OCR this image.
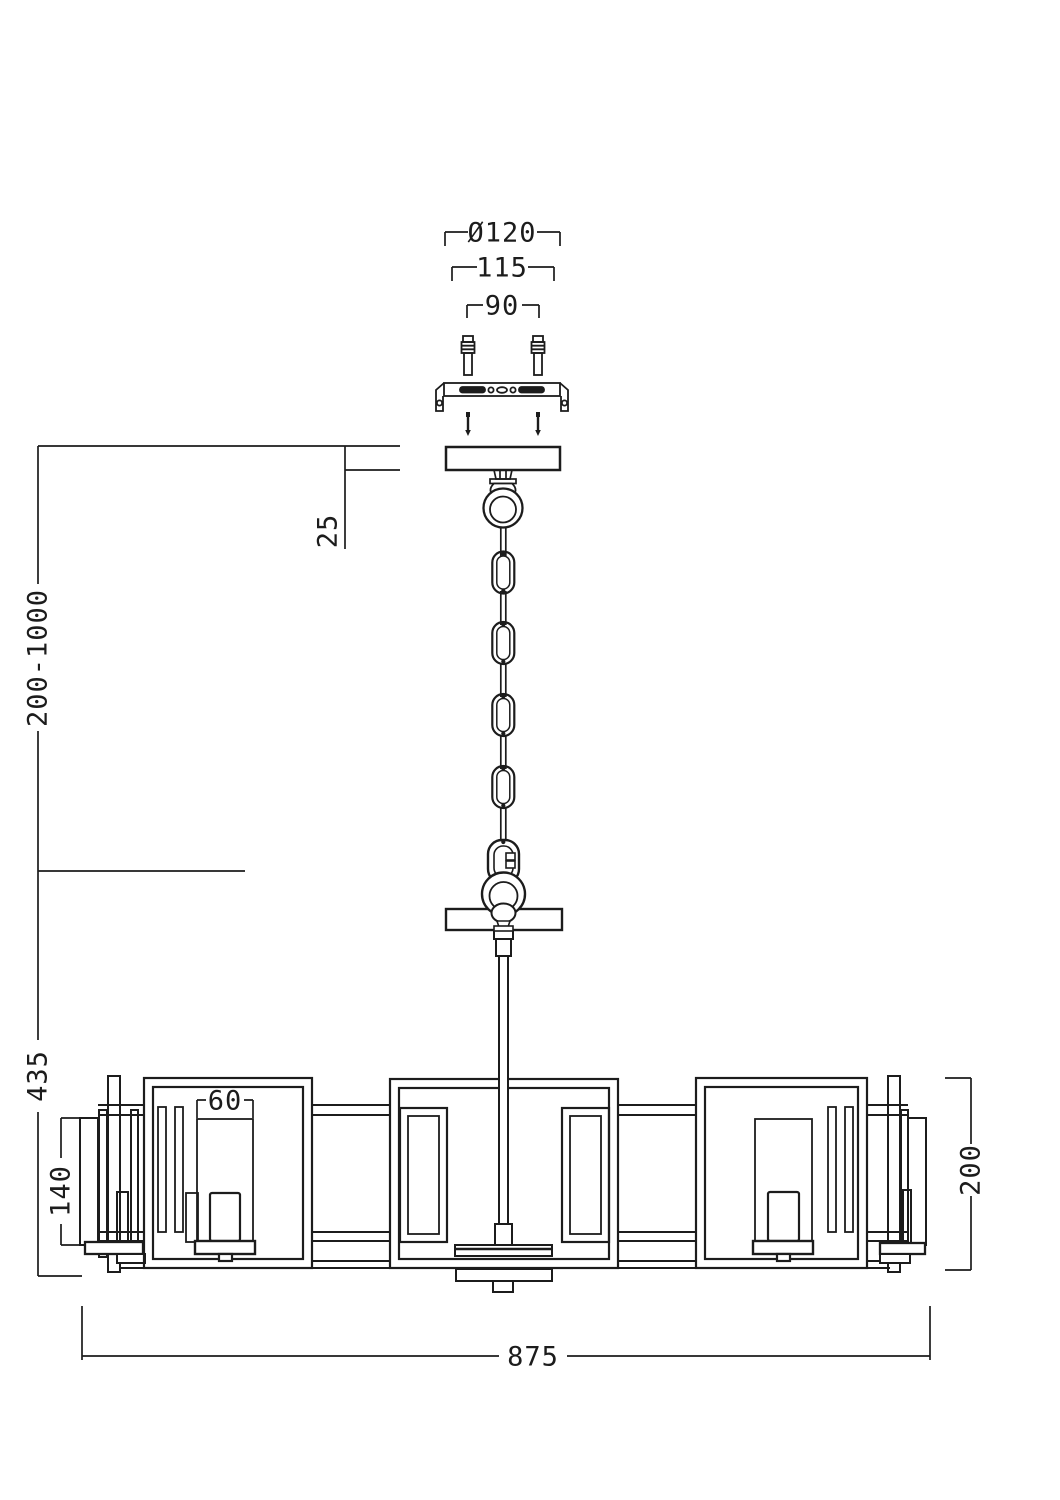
Ø120
115
90
25
200-1000
435
140
60
200
875
